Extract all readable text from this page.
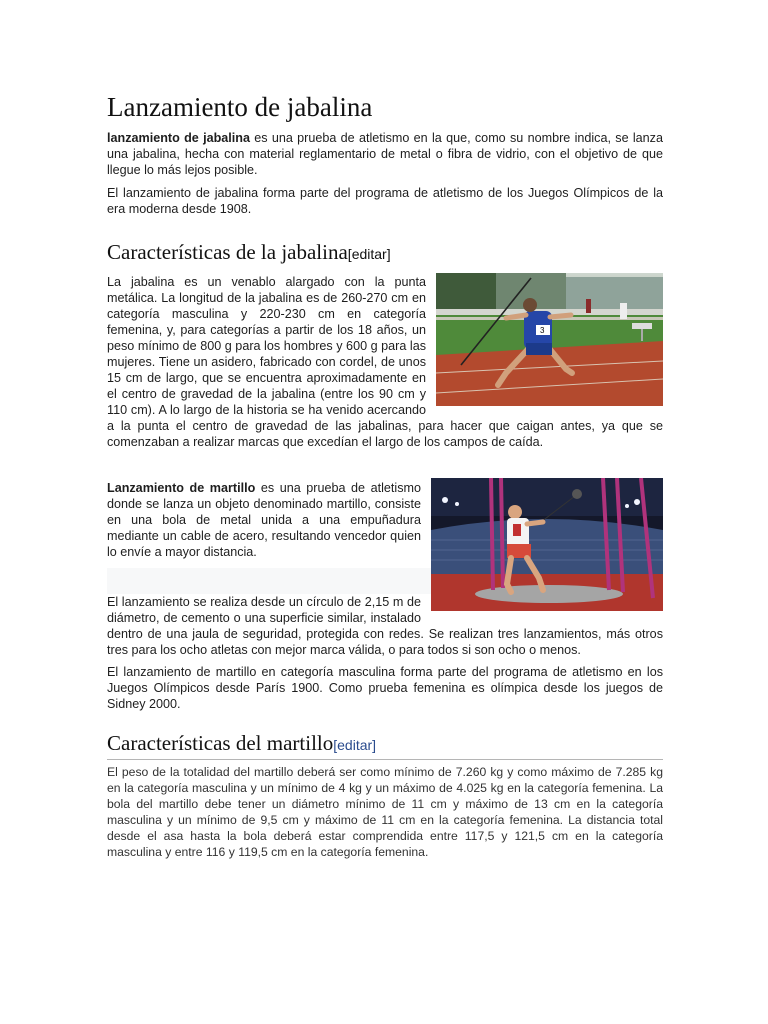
Lanzamiento de jabalina

lanzamiento de jabalina es una prueba de atletismo en la que, como su nombre indica, se lanza una jabalina, hecha con material reglamentario de metal o fibra de vidrio, con el objetivo de que llegue lo más lejos posible.

El lanzamiento de jabalina forma parte del programa de atletismo de los Juegos Olímpicos de la era moderna desde 1908.

Características de la jabalina[editar]
3

La jabalina es un venablo alargado con la punta metálica. La longitud de la jabalina es de 260-270 cm en categoría masculina y 220-230 cm en categoría femenina, y, para categorías a partir de los 18 años, un peso mínimo de 800 g para los hombres y 600 g para las mujeres. Tiene un asidero, fabricado con cordel, de unos 15 cm de largo, que se encuentra aproximadamente en el centro de gravedad de la jabalina (entre los 90 cm y 110 cm). A lo largo de la historia se ha venido acercando a la punta el centro de gravedad de las jabalinas, para hacer que caigan antes, ya que se comenzaban a realizar marcas que excedían el largo de los campos de caída.

Lanzamiento de martillo es una prueba de atletismo donde se lanza un objeto denominado martillo, consiste en una bola de metal unida a una empuñadura mediante un cable de acero, resultando vencedor quien lo envíe a mayor distancia.

El lanzamiento se realiza desde un círculo de 2,15 m de diámetro, de cemento o una superficie similar, instalado dentro de una jaula de seguridad, protegida con redes. Se realizan tres lanzamientos, más otros tres para los ocho atletas con mejor marca válida, o para todos si son ocho o menos.

El lanzamiento de martillo en categoría masculina forma parte del programa de atletismo en los Juegos Olímpicos desde París 1900. Como prueba femenina es olímpica desde los juegos de Sidney 2000.

Características del martillo[editar]

El peso de la totalidad del martillo deberá ser como mínimo de 7.260 kg y como máximo de 7.285 kg en la categoría masculina y un mínimo de 4 kg y un máximo de 4.025 kg en la categoría femenina. La bola del martillo debe tener un diámetro mínimo de 11 cm y máximo de 13 cm en la categoría masculina y un mínimo de 9,5 cm y máximo de 11 cm en la categoría femenina. La distancia total desde el asa hasta la bola deberá estar comprendida entre 117,5 y 121,5 cm en la categoría masculina y entre 116 y 119,5 cm en la categoría femenina.
